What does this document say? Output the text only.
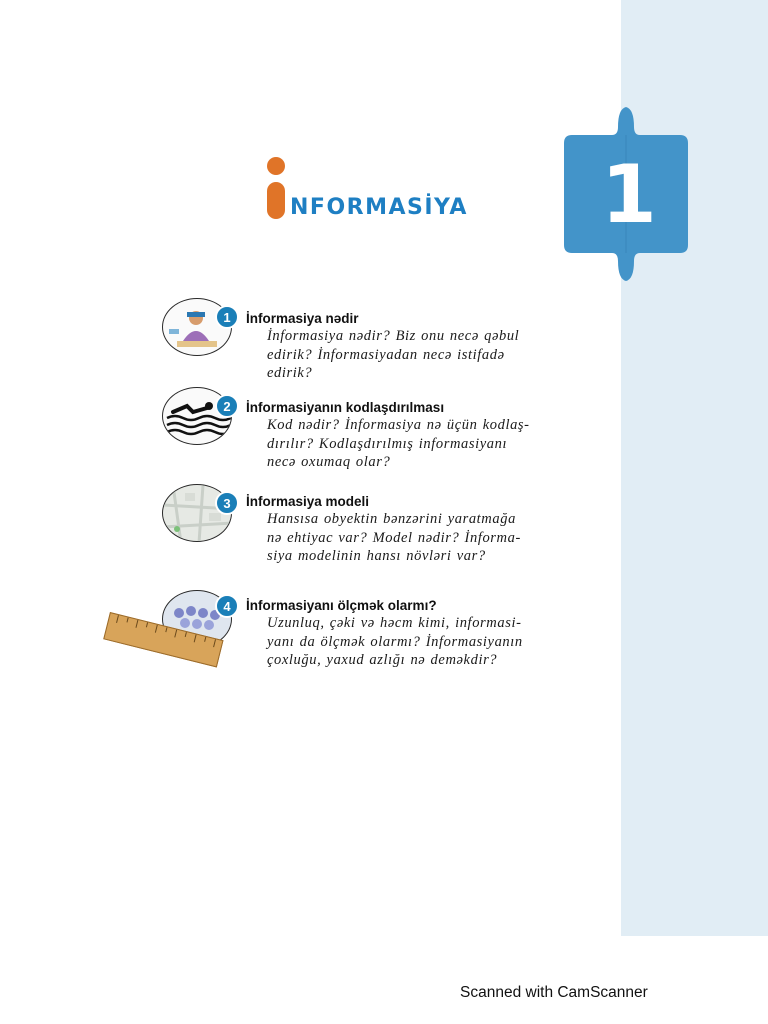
NFORMASİYA	1
1	İnformasiya nədir
İnformasiya nədir? Biz onu necə qəbul
edirik? İnformasiyadan necə istifadə
edirik?
2	İnformasiyanın kodlaşdırılması
Kod nədir? İnformasiya nə üçün kodlaş-
dırılır? Kodlaşdırılmış informasiyanı
necə oxumaq olar?
3	İnformasiya modeli
Hansısa obyektin bənzərini yaratmağa
nə ehtiyac var? Model nədir? İnforma-
siya modelinin hansı növləri var?
4	İnformasiyanı ölçmək olarmı?
Uzunluq, çəki və həcm kimi, informasi-
yanı da ölçmək olarmı? İnformasiyanın
çoxluğu, yaxud azlığı nə deməkdir?
Scanned with CamScanner
